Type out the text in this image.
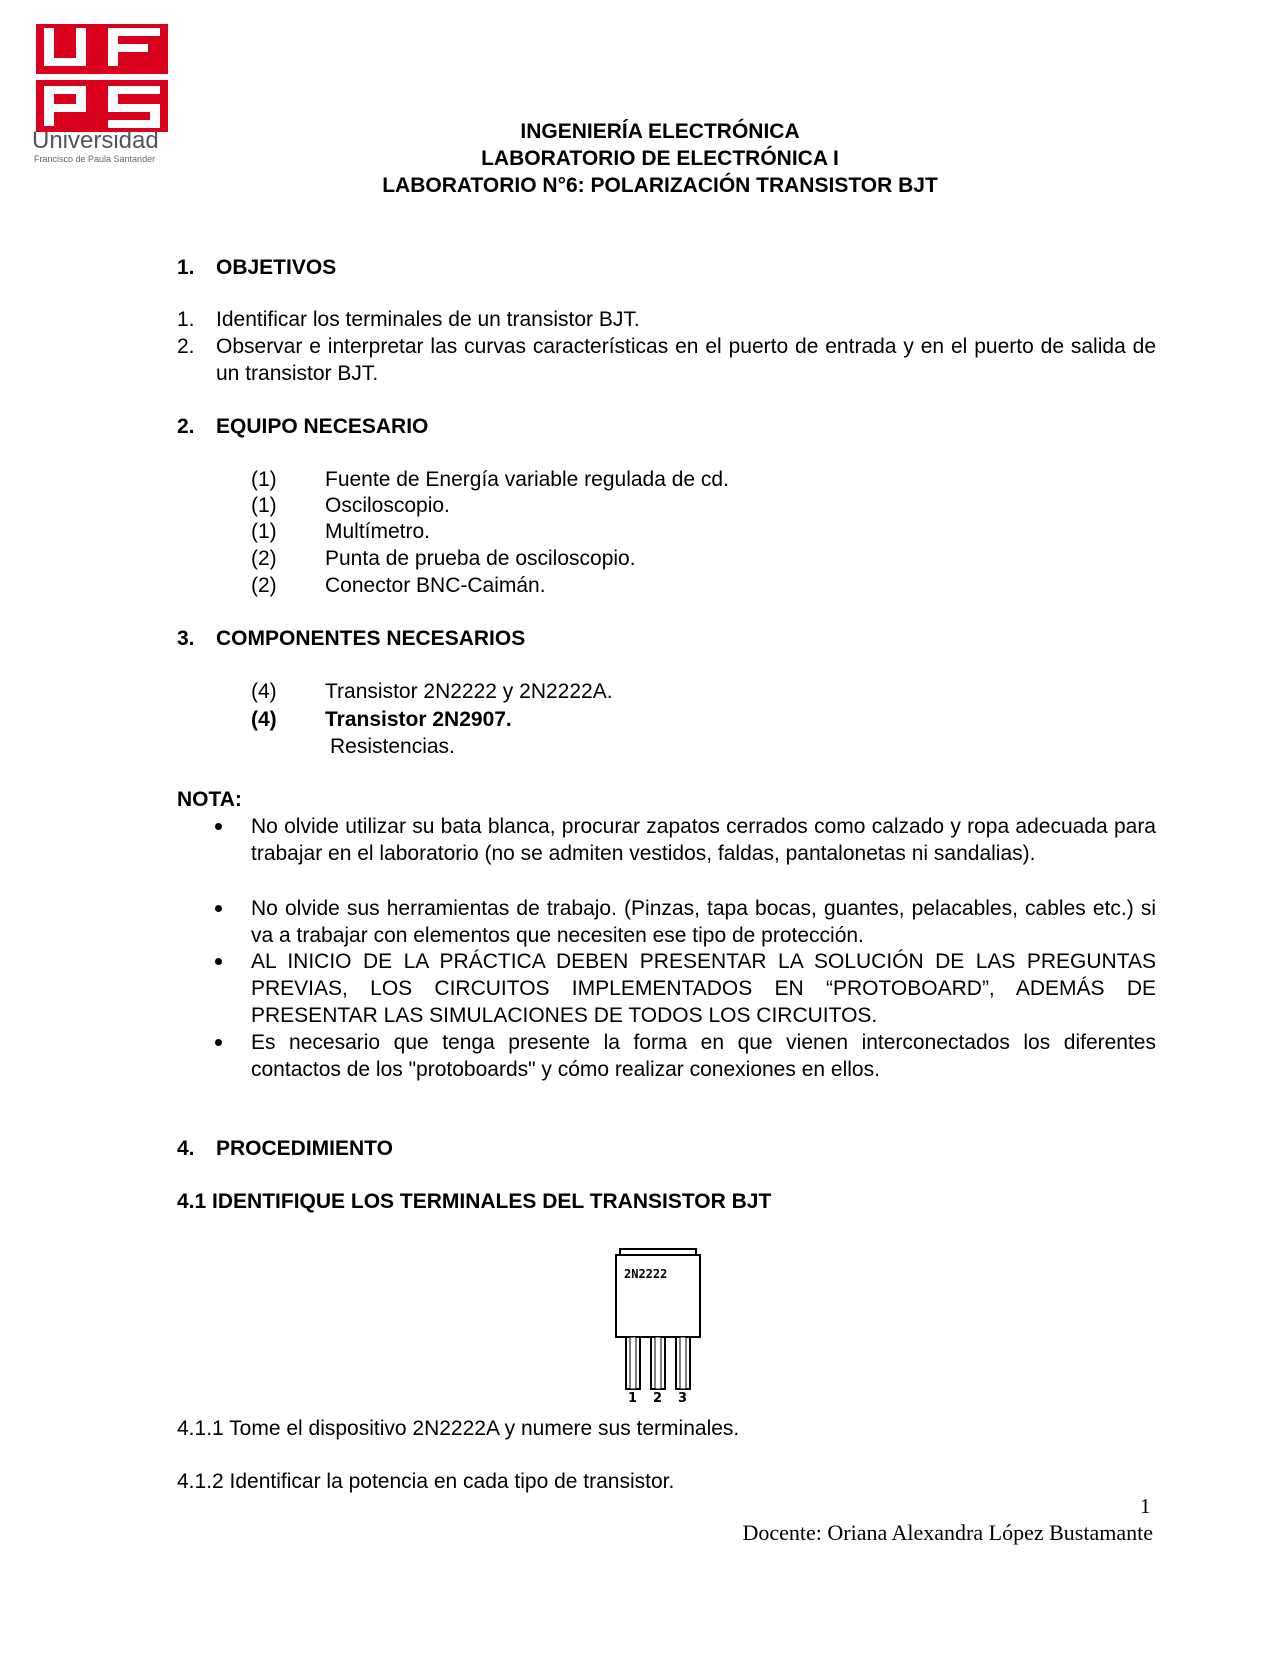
Universidad
Francisco de Paula Santander
INGENIERÍA ELECTRÓNICA
LABORATORIO DE ELECTRÓNICA I
LABORATORIO N°6: POLARIZACIÓN TRANSISTOR BJT
1. OBJETIVOS
1. Identificar los terminales de un transistor BJT.
2. Observar e interpretar las curvas características en el puerto de entrada y en el puerto de salida de un transistor BJT.
2. EQUIPO NECESARIO
(1) Fuente de Energía variable regulada de cd.
(1) Osciloscopio.
(1) Multímetro.
(2) Punta de prueba de osciloscopio.
(2) Conector BNC-Caimán.
3. COMPONENTES NECESARIOS
(4) Transistor 2N2222 y 2N2222A.
(4) Transistor 2N2907.
Resistencias.
NOTA:
No olvide utilizar su bata blanca, procurar zapatos cerrados como calzado y ropa adecuada para trabajar en el laboratorio (no se admiten vestidos, faldas, pantalonetas ni sandalias).
No olvide sus herramientas de trabajo. (Pinzas, tapa bocas, guantes, pelacables, cables etc.) si va a trabajar con elementos que necesiten ese tipo de protección.
AL INICIO DE LA PRÁCTICA DEBEN PRESENTAR LA SOLUCIÓN DE LAS PREGUNTAS PREVIAS, LOS CIRCUITOS IMPLEMENTADOS EN “PROTOBOARD”, ADEMÁS DE PRESENTAR LAS SIMULACIONES DE TODOS LOS CIRCUITOS.
Es necesario que tenga presente la forma en que vienen interconectados los diferentes contactos de los "protoboards" y cómo realizar conexiones en ellos.
4. PROCEDIMIENTO
4.1 IDENTIFIQUE LOS TERMINALES DEL TRANSISTOR BJT
2N2222
1 2 3
4.1.1 Tome el dispositivo 2N2222A y numere sus terminales.
4.1.2 Identificar la potencia en cada tipo de transistor.
1
Docente: Oriana Alexandra López Bustamante
